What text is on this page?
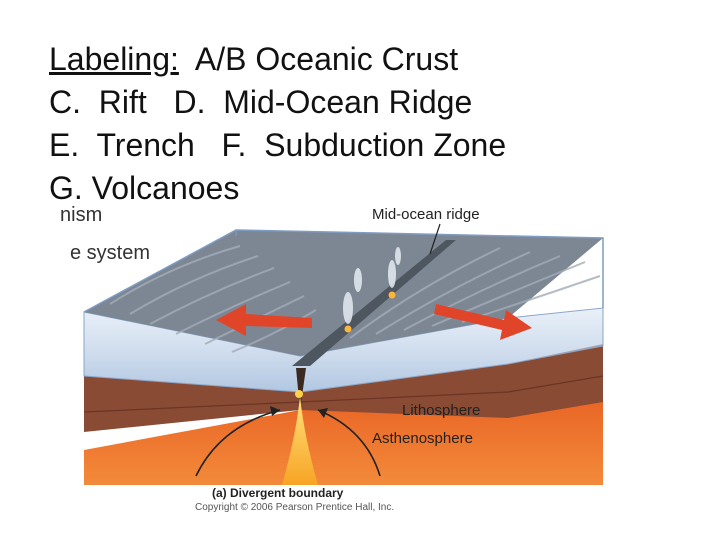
Labeling:  A/B Oceanic Crust
C.  Rift   D.  Mid-Ocean Ridge
E.  Trench   F.  Subduction Zone
G. Volcanoes
nism
e system
Mid-ocean ridge
Lithosphere
Asthenosphere
(a) Divergent boundary
Copyright © 2006 Pearson Prentice Hall, Inc.
